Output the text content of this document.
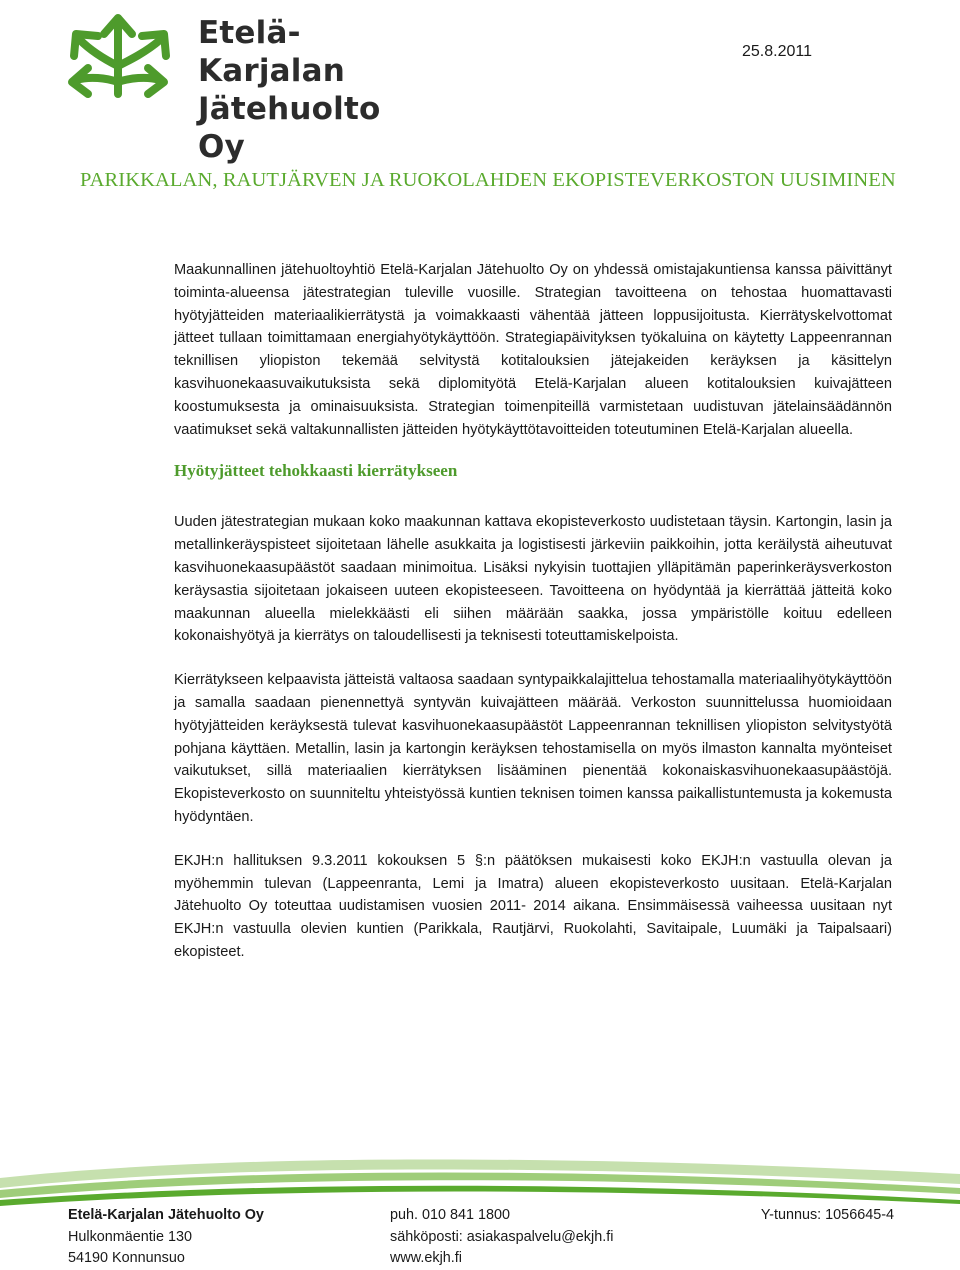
Etelä-Karjalan
Jätehuolto Oy
25.8.2011
PARIKKALAN, RAUTJÄRVEN JA RUOKOLAHDEN EKOPISTEVERKOSTON UUSIMINEN

Maakunnallinen jätehuoltoyhtiö Etelä-Karjalan Jätehuolto Oy on yhdessä omistajakuntiensa kanssa päivittänyt toiminta-alueensa jätestrategian tuleville vuosille. Strategian tavoitteena on tehostaa huomattavasti hyötyjätteiden materiaalikierrätystä ja voimakkaasti vähentää jätteen loppusijoitusta. Kierrätyskelvottomat jätteet tullaan toimittamaan energiahyötykäyttöön. Strategiapäivityksen työkaluina on käytetty Lappeenrannan teknillisen yliopiston tekemää selvitystä kotitalouksien jätejakeiden keräyksen ja käsittelyn kasvihuonekaasuvaikutuksista sekä diplomityötä Etelä-Karjalan alueen kotitalouksien kuivajätteen koostumuksesta ja ominaisuuksista. Strategian toimenpiteillä varmistetaan uudistuvan jätelainsäädännön vaatimukset sekä valtakunnallisten jätteiden hyötykäyttötavoitteiden toteutuminen Etelä-Karjalan alueella.

Hyötyjätteet tehokkaasti kierrätykseen

Uuden jätestrategian mukaan koko maakunnan kattava ekopisteverkosto uudistetaan täysin. Kartongin, lasin ja metallinkeräyspisteet sijoitetaan lähelle asukkaita ja logistisesti järkeviin paikkoihin, jotta keräilystä aiheutuvat kasvihuonekaasupäästöt saadaan minimoitua. Lisäksi nykyisin tuottajien ylläpitämän paperinkeräysverkoston keräysastia sijoitetaan jokaiseen uuteen ekopisteeseen. Tavoitteena on hyödyntää ja kierrättää jätteitä koko maakunnan alueella mielekkäästi eli siihen määrään saakka, jossa ympäristölle koituu edelleen kokonaishyötyä ja kierrätys on taloudellisesti ja teknisesti toteuttamiskelpoista.

Kierrätykseen kelpaavista jätteistä valtaosa saadaan syntypaikkalajittelua tehostamalla materiaalihyötykäyttöön ja samalla saadaan pienennettyä syntyvän kuivajätteen määrää. Verkoston suunnittelussa huomioidaan hyötyjätteiden keräyksestä tulevat kasvihuonekaasupäästöt Lappeenrannan teknillisen yliopiston selvitystyötä pohjana käyttäen. Metallin, lasin ja kartongin keräyksen tehostamisella on myös ilmaston kannalta myönteiset vaikutukset, sillä materiaalien kierrätyksen lisääminen pienentää kokonaiskasvihuonekaasupäästöjä. Ekopisteverkosto on suunniteltu yhteistyössä kuntien teknisen toimen kanssa paikallistuntemusta ja kokemusta hyödyntäen.

EKJH:n hallituksen 9.3.2011 kokouksen 5 §:n päätöksen mukaisesti koko EKJH:n vastuulla olevan ja myöhemmin tulevan (Lappeenranta, Lemi ja Imatra) alueen ekopisteverkosto uusitaan. Etelä-Karjalan Jätehuolto Oy toteuttaa uudistamisen vuosien 2011- 2014 aikana. Ensimmäisessä vaiheessa uusitaan nyt EKJH:n vastuulla olevien kuntien (Parikkala, Rautjärvi, Ruokolahti, Savitaipale, Luumäki ja Taipalsaari) ekopisteet.

Etelä-Karjalan Jätehuolto Oy
Hulkonmäentie 130
54190 Konnunsuo
puh. 010 841 1800
sähköposti: asiakaspalvelu@ekjh.fi
www.ekjh.fi
Y-tunnus: 1056645-4
